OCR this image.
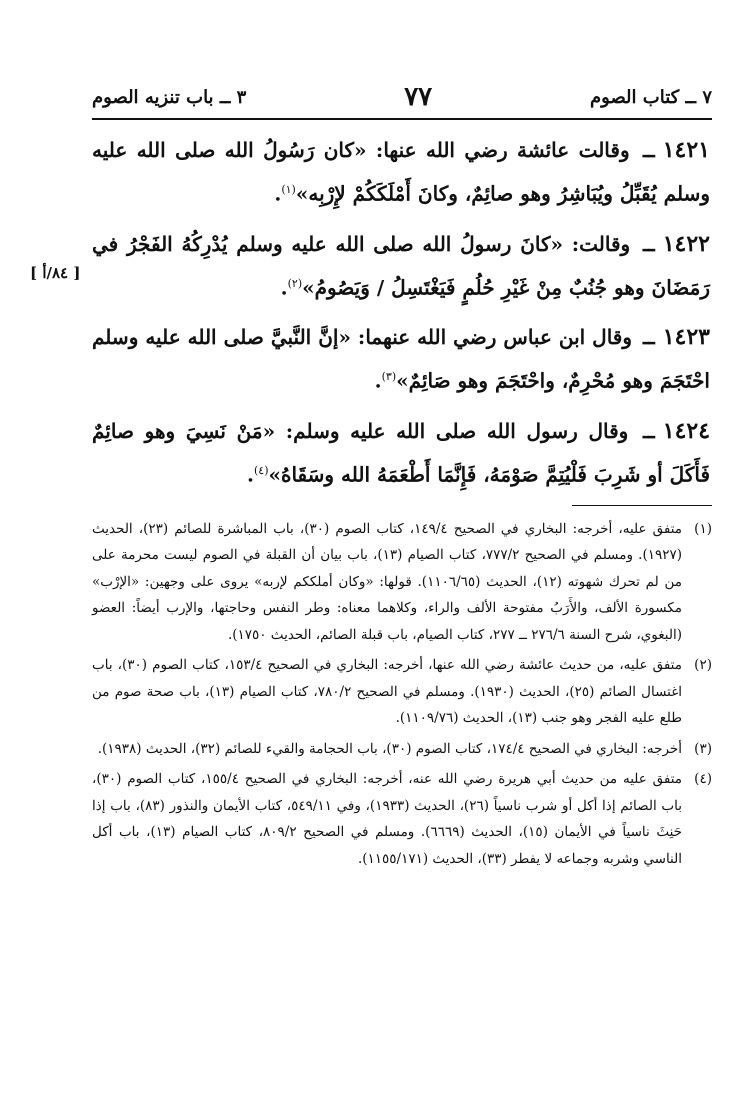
٧ ــ كتاب الصوم
٧٧
٣ ــ باب تنزيه الصوم
[ ٨٤/أ ]

١٤٢١ــ وقالت عائشة رضي الله عنها: «كان رَسُولُ الله صلى الله عليه وسلم يُقَبِّلُ ويُبَاشِرُ وهو صائِمٌ، وكانَ أَمْلَكَكُمْ لإِرْبِه»$^{(١)}$.

١٤٢٢ــ وقالت: «كانَ رسولُ الله صلى الله عليه وسلم يُدْرِكُهُ الفَجْرُ في رَمَضَانَ وهو جُنُبٌ مِنْ غَيْرِ حُلُمٍ فَيَغْتَسِلُ / وَيَصُومُ»$^{(٢)}$.

١٤٢٣ــ وقال ابن عباس رضي الله عنهما: «إنَّ النَّبيَّ صلى الله عليه وسلم احْتَجَمَ وهو مُحْرِمٌ، واحْتَجَمَ وهو صَائِمٌ»$^{(٣)}$.

١٤٢٤ــ وقال رسول الله صلى الله عليه وسلم: «مَنْ نَسِيَ وهو صائِمٌ فَأَكَلَ أو شَرِبَ فَلْيُتِمَّ صَوْمَهُ، فَإِنَّمَا أَطْعَمَهُ الله وسَقَاهُ»$^{(٤)}$.

(١)
متفق عليه، أخرجه: البخاري في الصحيح ١٤٩/٤، كتاب الصوم (٣٠)، باب المباشرة للصائم (٢٣)، الحديث (١٩٢٧). ومسلم في الصحيح ٧٧٧/٢، كتاب الصيام (١٣)، باب بيان أن القبلة في الصوم ليست محرمة على من لم تحرك شهوته (١٢)، الحديث (١١٠٦/٦٥). قولها: «وكان أملككم لإربه» يروى على وجهين: «الإرْب» مكسورة الألف، والأَرَبُ مفتوحة الألف والراء، وكلاهما معناه: وطر النفس وحاجتها، والإرب أيضاً: العضو (البغوي، شرح السنة ٢٧٦/٦ ــ ٢٧٧، كتاب الصيام، باب قبلة الصائم، الحديث ١٧٥٠).
(٢)
متفق عليه، من حديث عائشة رضي الله عنها، أخرجه: البخاري في الصحيح ١٥٣/٤، كتاب الصوم (٣٠)، باب اغتسال الصائم (٢٥)، الحديث (١٩٣٠). ومسلم في الصحيح ٧٨٠/٢، كتاب الصيام (١٣)، باب صحة صوم من طلع عليه الفجر وهو جنب (١٣)، الحديث (١١٠٩/٧٦).
(٣)
أخرجه: البخاري في الصحيح ١٧٤/٤، كتاب الصوم (٣٠)، باب الحجامة والقيء للصائم (٣٢)، الحديث (١٩٣٨).
(٤)
متفق عليه من حديث أبي هريرة رضي الله عنه، أخرجه: البخاري في الصحيح ١٥٥/٤، كتاب الصوم (٣٠)، باب الصائم إذا أكل أو شرب ناسياً (٢٦)، الحديث (١٩٣٣)، وفي ٥٤٩/١١، كتاب الأيمان والنذور (٨٣)، باب إذا حَنِثَ ناسياً في الأيمان (١٥)، الحديث (٦٦٦٩). ومسلم في الصحيح ٨٠٩/٢، كتاب الصيام (١٣)، باب أكل الناسي وشربه وجماعه لا يفطر (٣٣)، الحديث (١١٥٥/١٧١).
